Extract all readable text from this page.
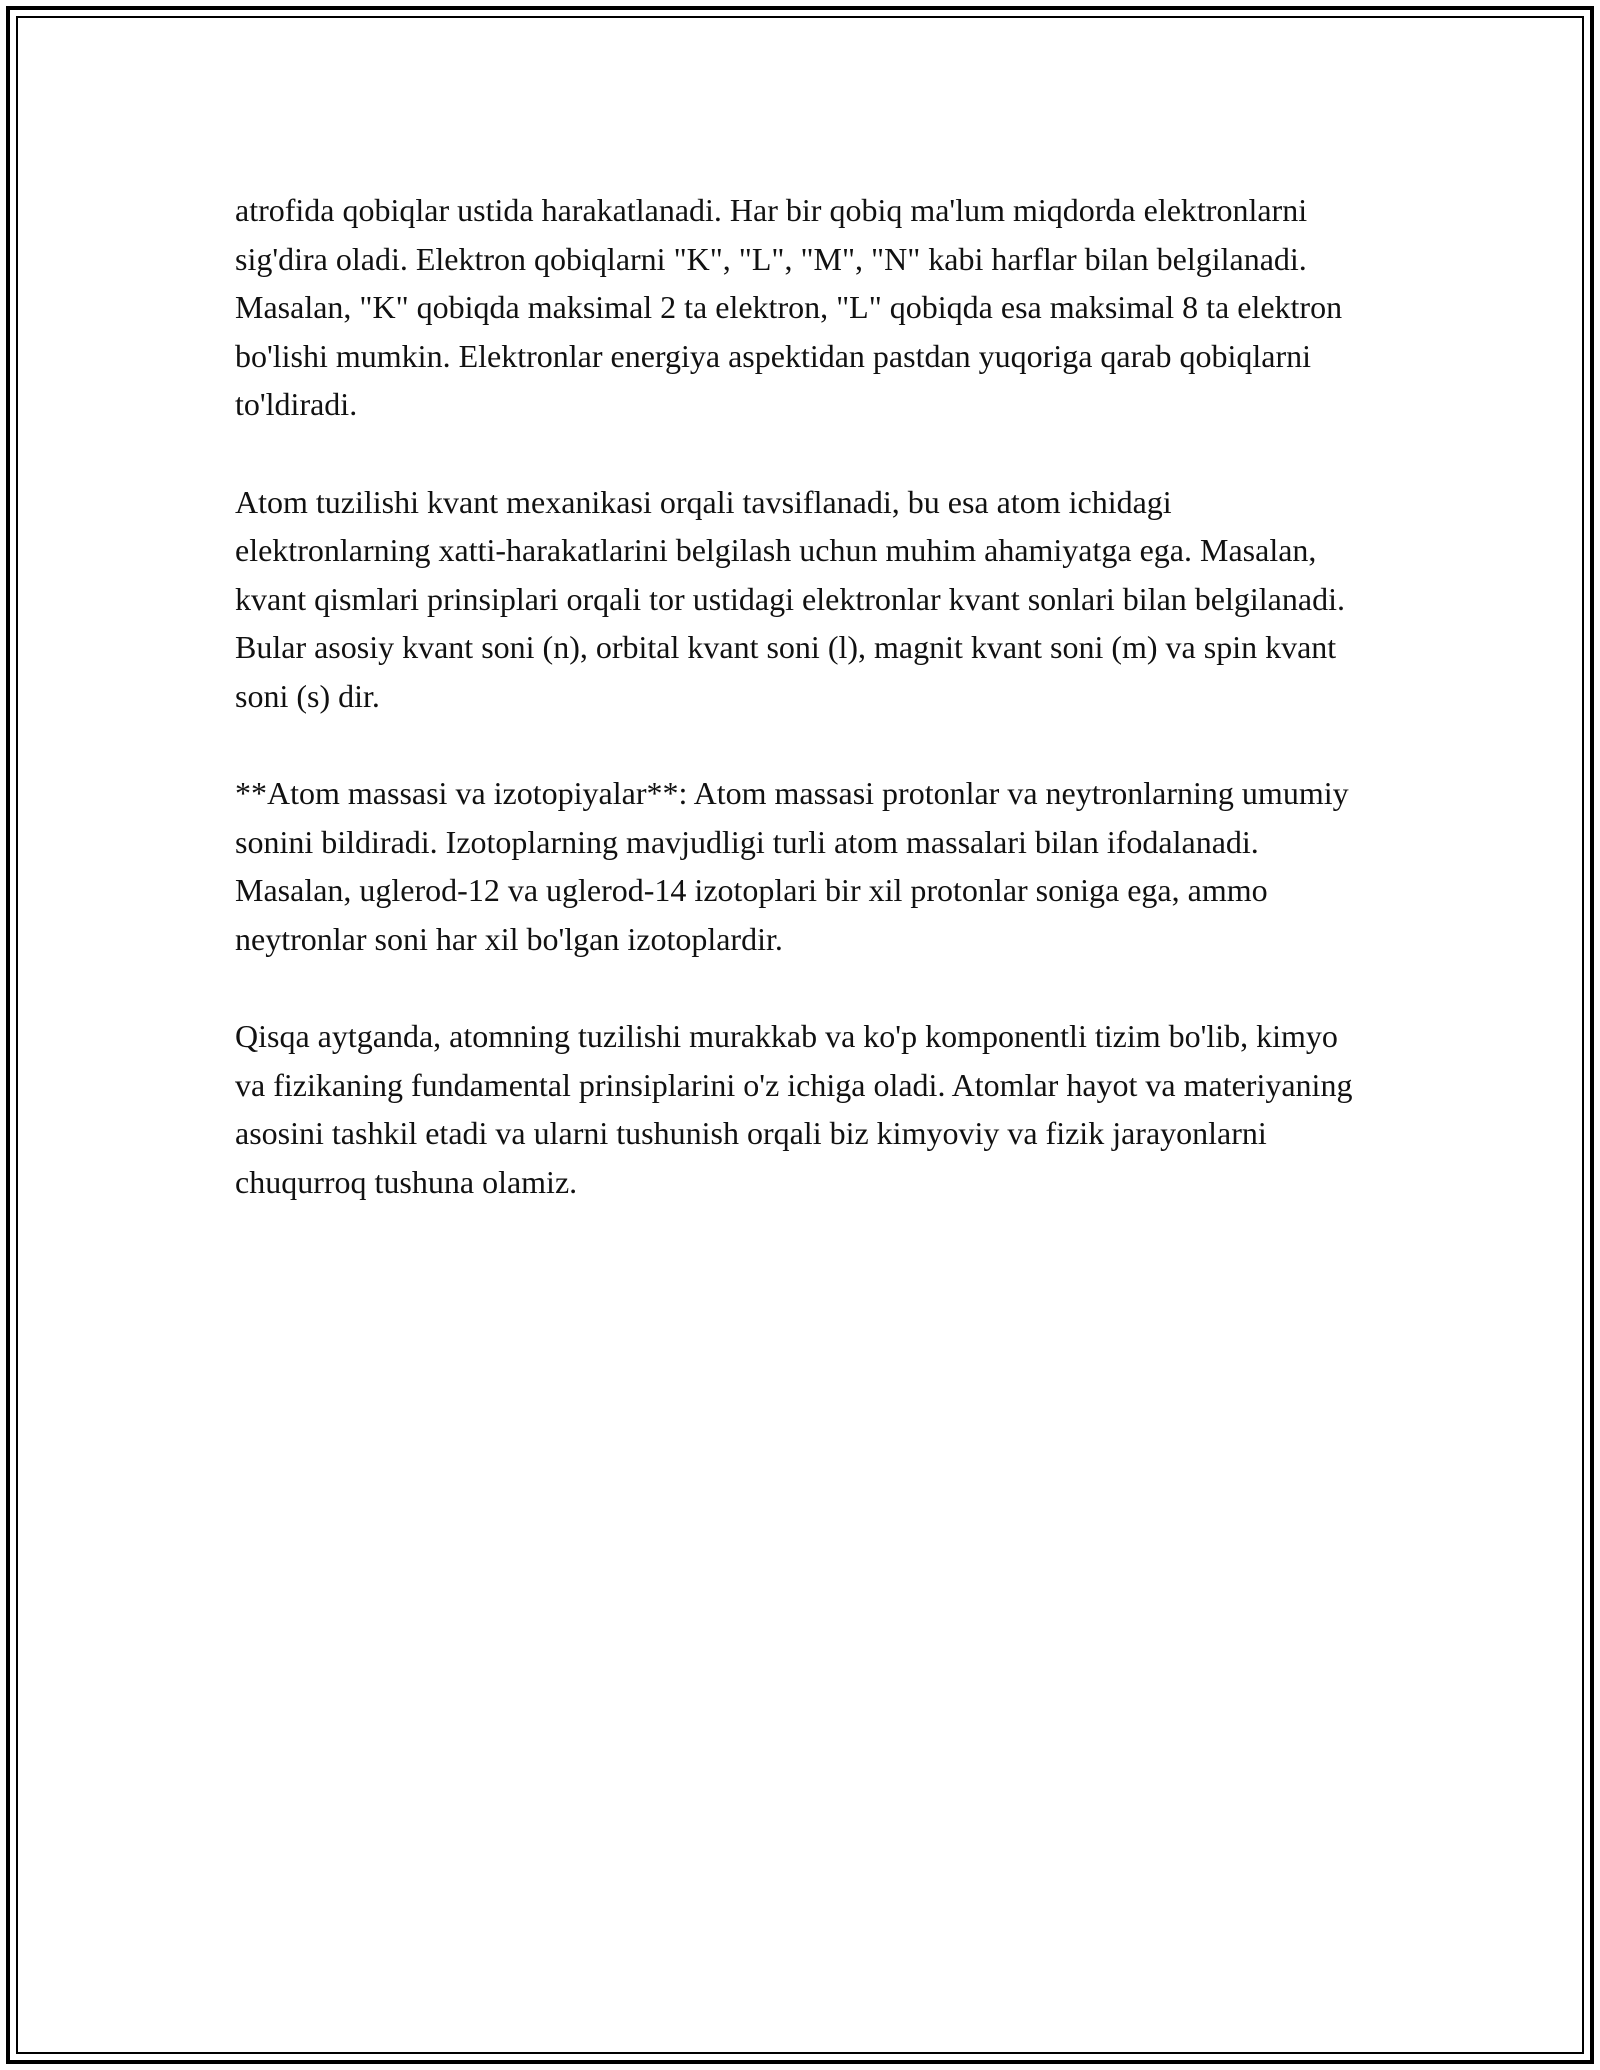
atrofida qobiqlar ustida harakatlanadi. Har bir qobiq ma'lum miqdorda elektronlarni sig'dira oladi. Elektron qobiqlarni "K", "L", "M", "N" kabi harflar bilan belgilanadi. Masalan, "K" qobiqda maksimal 2 ta elektron, "L" qobiqda esa maksimal 8 ta elektron bo'lishi mumkin. Elektronlar energiya aspektidan pastdan yuqoriga qarab qobiqlarni to'ldiradi.

Atom tuzilishi kvant mexanikasi orqali tavsiflanadi, bu esa atom ichidagi elektronlarning xatti-harakatlarini belgilash uchun muhim ahamiyatga ega. Masalan, kvant qismlari prinsiplari orqali tor ustidagi elektronlar kvant sonlari bilan belgilanadi. Bular asosiy kvant soni (n), orbital kvant soni (l), magnit kvant soni (m) va spin kvant soni (s) dir.

**Atom massasi va izotopiyalar**: Atom massasi protonlar va neytronlarning umumiy sonini bildiradi. Izotoplarning mavjudligi turli atom massalari bilan ifodalanadi. Masalan, uglerod-12 va uglerod-14 izotoplari bir xil protonlar soniga ega, ammo neytronlar soni har xil bo'lgan izotoplardir.

Qisqa aytganda, atomning tuzilishi murakkab va ko'p komponentli tizim bo'lib, kimyo va fizikaning fundamental prinsiplarini o'z ichiga oladi. Atomlar hayot va materiyaning asosini tashkil etadi va ularni tushunish orqali biz kimyoviy va fizik jarayonlarni chuqurroq tushuna olamiz.
